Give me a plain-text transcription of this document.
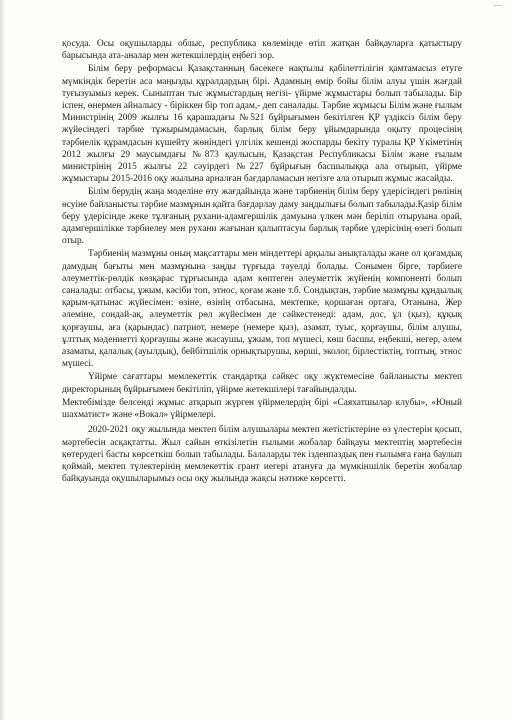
қосуда. Осы оқушыларды облыс, республика көлемінде өтіп жатқан байқауларға қатыстыру барысында ата-аналар мен жетекшілердің еңбегі зор.

Білім беру реформасы Қазақстанның бәсекеге нақтылы қабілеттілігін қамтамасыз етуге мүмкіндік беретін аса маңызды құралдардың бірі. Адамның өмір бойы білім алуы үшін жағдай туғызуымыз керек. Сыныптан тыс жұмыстардың негізі- үйірме жұмыстары болып табылады. Бір іспен, өнермен айналысу - біріккен бір топ адам,- деп саналады. Тәрбие жұмысы Білім және ғылым Министрінің 2009 жылғы 16 қарашадағы №521 бұйрығымен бекітілген ҚР үздіксіз білім беру жүйесіндегі тәрбие тұжырымдамасын, барлық білім беру ұйымдарында оқыту процесінің тәрбиелік құрамдасын күшейту жөніндегі үлгілік кешенді жоспарды бекіту туралы ҚР Үкіметінің 2012 жылғы 29 маусымдағы №873 қаулысын, Қазақстан Республикасы Білім және ғылым министрінің 2015 жылғы 22 сәуірдегі №227 бұйрығын басшылыққа ала отырып, үйірме жұмыстары 2015-2016 оқу жылына арналған бағдарламасын негізге ала отырып жұмыс жасайды.

Білім берудің жаңа моделіне өту жағдайында және тәрбиенің білім беру үдерісіндегі рөлінің өсуіне байланысты тәрбие мазмұнын қайта бағдарлау даму заңдылығы болып табылады.Қазір білім беру үдерісінде жеке тұлғаның рухани-адамгершілік дамуына үлкен мән беріліп отыруына орай, адамгершілікке тәрбиелеу мен рухани жағынан қалыптасуы барлық тәрбие үдерісінің өзегі болып отыр.

Тәрбиенің мазмұны оның мақсаттары мен міндеттері арқылы анықталады және ол қоғамдық дамудың бағыты мен мазмұнына заңды түрғыда тәуелді болады. Сонымен бірге, тәрбиеге әлеуметтік-рөлдік көзқарас тұрғысында адам көптеген әлеуметтік жүйенің компоненті болып саналады: отбасы, ұжым, кәсіби топ, этнос, қоғам және т.б. Сондықтан, тәрбие мазмұны құндылық қарым-қатынас жүйесімен: өзіне, өзінің отбасына, мектепке, қоршаған ортаға, Отанына, Жер әлеміне, сондай-ақ, әлеуметтік рөл жүйесімен де сәйкестенеді: адам, дос, ұл (қыз), құқық қорғаушы, аға (қарындас) патриот, немере (немере қыз), азамат, туыс, қорғаушы, білім алушы, ұлттық мәдениетті қорғаушы және жасаушы, ұжым, топ мүшесі, көш басшы, еңбекші, негер, әлем азаматы, қалалық (ауылдық), бейбітшілік орнықтырушы, көрші, эколог, бірлестіктің, топтың, этнос мүшесі.

Үйірме сағаттары мемлекеттік стандартқа сәйкес оқу жүктемесіне байланысты мектеп директорының бұйрығымен бекітіліп, үйірме жетекшілері тағайындалды.

Мектебімізде белсенді жұмыс атқарып жүрген үйірмелердің бірі «Саяхатшылар клубы», «Юный шахматист» және «Вокал» үйірмелері.

2020-2021 оқу жылында мектеп білім алушылары мектеп жетістіктеріне өз үлестерін қосып, мәртебесін асқақтатты. Жыл сайын өткізілетін ғылыми жобалар байқауы мектептің мәртебесін көтерудегі басты көрсеткіш болып табылады. Балаларды тек ізденпаздық пен ғылымға ғана баулып қоймай, мектеп түлектерінің мемлекеттік грант иегері атануға да мүмкіншілік беретін жобалар байқауында оқушыларымыз осы оқу жылында жақсы нәтиже көрсетті.
